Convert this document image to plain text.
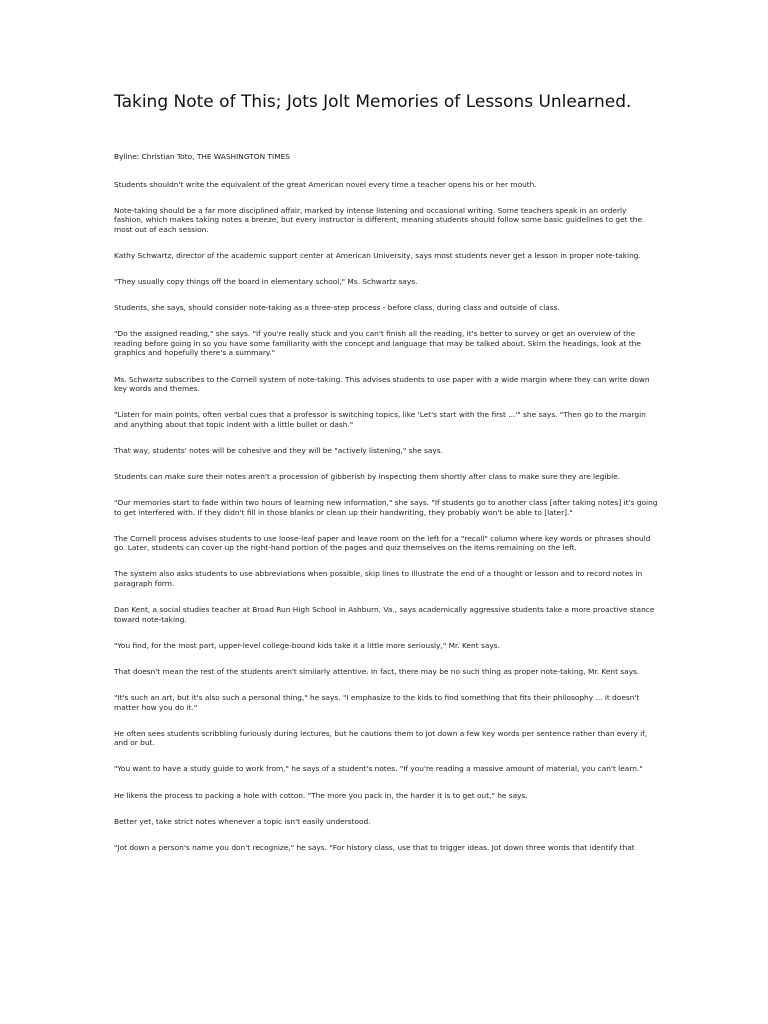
Taking Note of This; Jots Jolt Memories of Lessons Unlearned.

Byline: Christian Toto, THE WASHINGTON TIMES

Students shouldn't write the equivalent of the great American novel every time a teacher opens his or her mouth.

Note-taking should be a far more disciplined affair, marked by intense listening and occasional writing. Some teachers speak in an orderly fashion, which makes taking notes a breeze, but every instructor is different, meaning students should follow some basic guidelines to get the most out of each session.

Kathy Schwartz, director of the academic support center at American University, says most students never get a lesson in proper note-taking.

"They usually copy things off the board in elementary school," Ms. Schwartz says.

Students, she says, should consider note-taking as a three-step process - before class, during class and outside of class.

"Do the assigned reading," she says. "If you're really stuck and you can't finish all the reading, it's better to survey or get an overview of the reading before going in so you have some familiarity with the concept and language that may be talked about. Skim the headings, look at the graphics and hopefully there's a summary."

Ms. Schwartz subscribes to the Cornell system of note-taking. This advises students to use paper with a wide margin where they can write down key words and themes.

"Listen for main points, often verbal cues that a professor is switching topics, like 'Let's start with the first ...'" she says. "Then go to the margin and anything about that topic indent with a little bullet or dash."

That way, students' notes will be cohesive and they will be "actively listening," she says.

Students can make sure their notes aren't a procession of gibberish by inspecting them shortly after class to make sure they are legible.

"Our memories start to fade within two hours of learning new information," she says. "If students go to another class [after taking notes] it's going to get interfered with. If they didn't fill in those blanks or clean up their handwriting, they probably won't be able to [later]."

The Cornell process advises students to use loose-leaf paper and leave room on the left for a "recall" column where key words or phrases should go. Later, students can cover up the right-hand portion of the pages and quiz themselves on the items remaining on the left.

The system also asks students to use abbreviations when possible, skip lines to illustrate the end of a thought or lesson and to record notes in paragraph form.

Dan Kent, a social studies teacher at Broad Run High School in Ashburn, Va., says academically aggressive students take a more proactive stance toward note-taking.

"You find, for the most part, upper-level college-bound kids take it a little more seriously," Mr. Kent says.

That doesn't mean the rest of the students aren't similarly attentive. In fact, there may be no such thing as proper note-taking, Mr. Kent says.

"It's such an art, but it's also such a personal thing," he says. "I emphasize to the kids to find something that fits their philosophy ... it doesn't matter how you do it."

He often sees students scribbling furiously during lectures, but he cautions them to jot down a few key words per sentence rather than every if, and or but.

"You want to have a study guide to work from," he says of a student's notes. "If you're reading a massive amount of material, you can't learn."

He likens the process to packing a hole with cotton. "The more you pack in, the harder it is to get out," he says.

Better yet, take strict notes whenever a topic isn't easily understood.

"Jot down a person's name you don't recognize," he says. "For history class, use that to trigger ideas. Jot down three words that identify that
